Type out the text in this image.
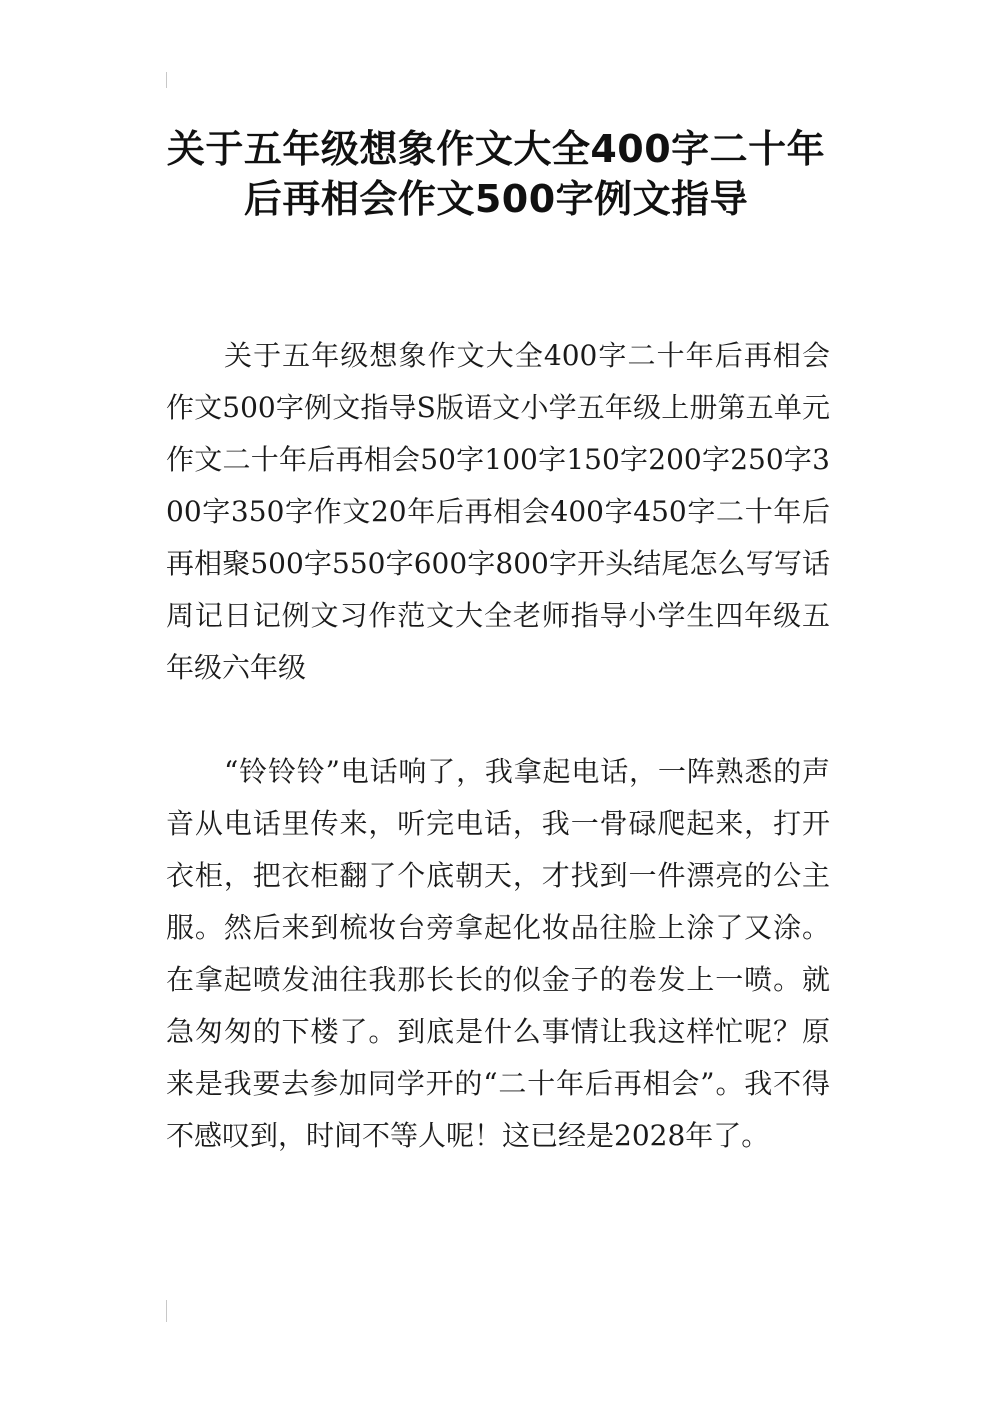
关于五年级想象作文大全400字二十年后再相会作文500字例文指导

关于五年级想象作文大全400字二十年后再相会作文500字例文指导S版语文小学五年级上册第五单元作文二十年后再相会50字100字150字200字250字300字350字作文20年后再相会400字450字二十年后再相聚500字550字600字800字开头结尾怎么写写话周记日记例文习作范文大全老师指导小学生四年级五年级六年级

“铃铃铃”电话响了，我拿起电话，一阵熟悉的声音从电话里传来，听完电话，我一骨碌爬起来，打开衣柜，把衣柜翻了个底朝天，才找到一件漂亮的公主服。然后来到梳妆台旁拿起化妆品往脸上涂了又涂。在拿起喷发油往我那长长的似金子的卷发上一喷。就急匆匆的下楼了。到底是什么事情让我这样忙呢？原来是我要去参加同学开的“二十年后再相会”。我不得不感叹到，时间不等人呢！这已经是2028年了。
